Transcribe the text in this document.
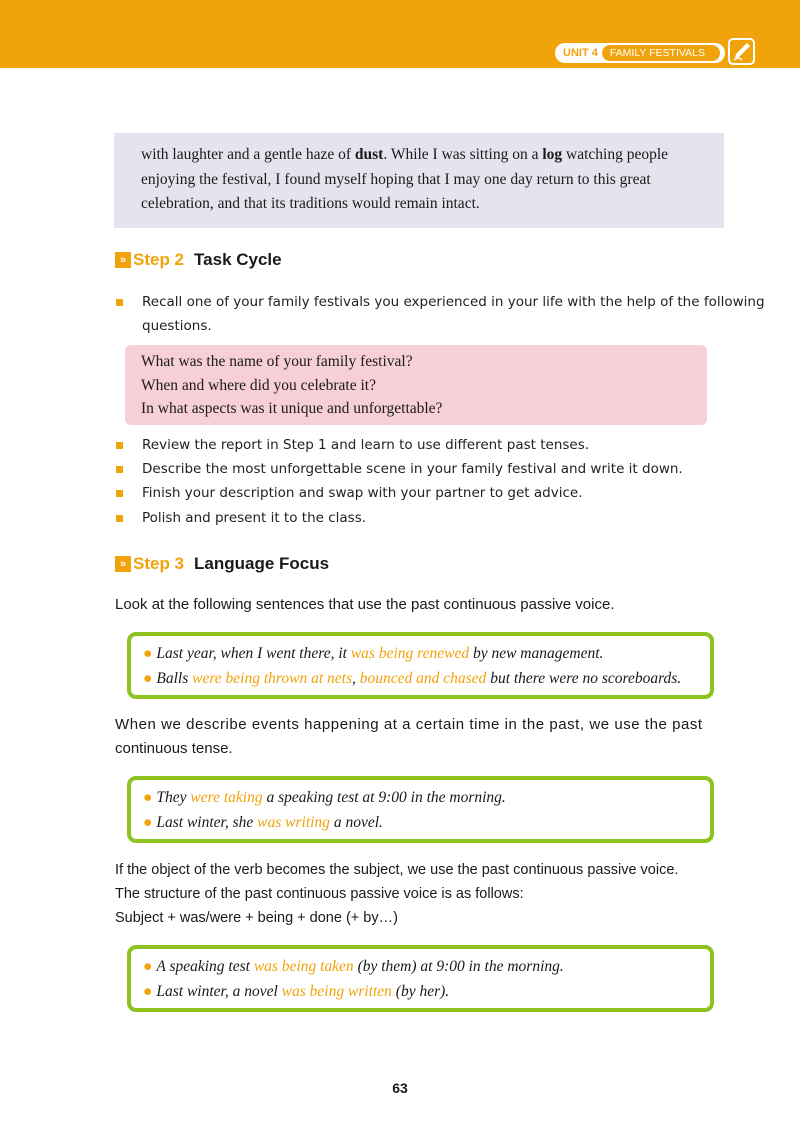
UNIT 4	FAMILY FESTIVALS

with laughter and a gentle haze of dust. While I was sitting on a log watching people

enjoying the festival, I found myself hoping that I may one day return to this great

celebration, and that its traditions would remain intact.

» Step 2 Task Cycle
Recall one of your family festivals you experienced in your life with the help of the following
questions.
What was the name of your family festival?
When and where did you celebrate it?
In what aspects was it unique and unforgettable?
Review the report in Step 1 and learn to use different past tenses.
Describe the most unforgettable scene in your family festival and write it down.
Finish your description and swap with your partner to get advice.
Polish and present it to the class.
» Step 3 Language Focus
Look at the following sentences that use the past continuous passive voice.
● Last year, when I went there, it was being renewed by new management.
● Balls were being thrown at nets, bounced and chased but there were no scoreboards.
When we describe events happening at a certain time in the past, we use the past
continuous tense.
● They were taking a speaking test at 9:00 in the morning.
● Last winter, she was writing a novel.
If the object of the verb becomes the subject, we use the past continuous passive voice.
The structure of the past continuous passive voice is as follows:
Subject + was/were + being + done (+ by…)
● A speaking test was being taken (by them) at 9:00 in the morning.
● Last winter, a novel was being written (by her).
63
